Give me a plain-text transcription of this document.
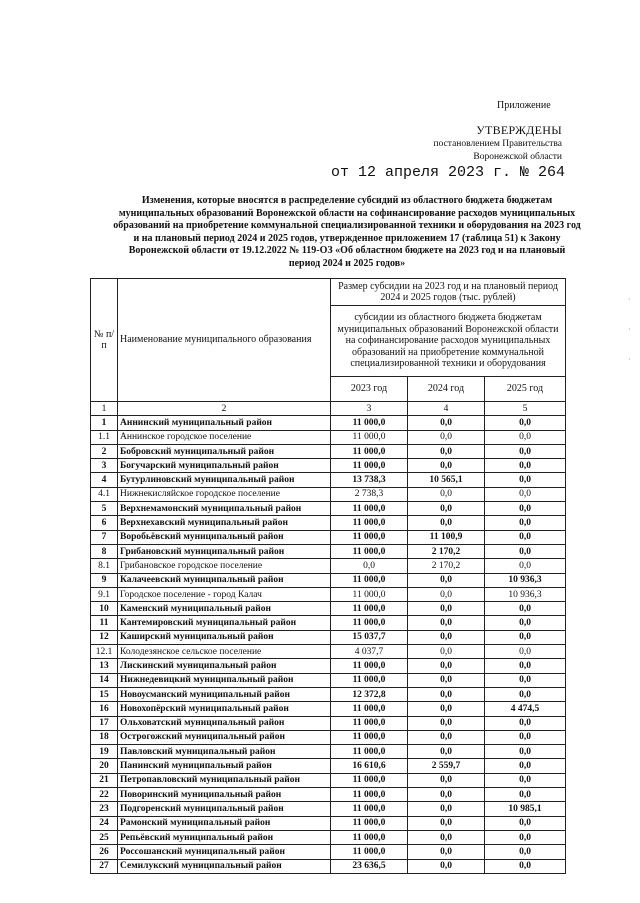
Приложение
УТВЕРЖДЕНЫ
постановлением Правительства
Воронежской области
от 12 апреля 2023 г. № 264
Изменения, которые вносятся в распределение субсидий из областного бюджета бюджетам муниципальных образований Воронежской области на софинансирование расходов муниципальных образований на приобретение коммунальной специализированной техники и оборудования на 2023 год и на плановый период 2024 и 2025 годов, утвержденное приложением 17 (таблица 51) к Закону Воронежской области от 19.12.2022 № 119-ОЗ «Об областном бюджете на 2023 год и на плановый период 2024 и 2025 годов»
·
·
·
№ п/п	Наименование муниципального образования	Размер субсидии на 2023 год и на плановый период 2024 и 2025 годов (тыс. рублей)		
		субсидии из областного бюджета бюджетам муниципальных образований Воронежской области на софинансирование расходов муниципальных образований на приобретение коммунальной специализированной техники и оборудования		
		2023 год	2024 год	2025 год
1	2	3	4	5
1	Аннинский муниципальный район	11 000,0	0,0	0,0
1.1	Аннинское городское поселение	11 000,0	0,0	0,0
2	Бобровский муниципальный район	11 000,0	0,0	0,0
3	Богучарский муниципальный район	11 000,0	0,0	0,0
4	Бутурлиновский муниципальный район	13 738,3	10 565,1	0,0
4.1	Нижнекисляйское городское поселение	2 738,3	0,0	0,0
5	Верхнемамонский муниципальный район	11 000,0	0,0	0,0
6	Верхнехавский муниципальный район	11 000,0	0,0	0,0
7	Воробьёвский муниципальный район	11 000,0	11 100,9	0,0
8	Грибановский муниципальный район	11 000,0	2 170,2	0,0
8.1	Грибановское городское поселение	0,0	2 170,2	0,0
9	Калачеевский муниципальный район	11 000,0	0,0	10 936,3
9.1	Городское поселение - город Калач	11 000,0	0,0	10 936,3
10	Каменский муниципальный район	11 000,0	0,0	0,0
11	Кантемировский муниципальный район	11 000,0	0,0	0,0
12	Каширский муниципальный район	15 037,7	0,0	0,0
12.1	Колодезянское сельское поселение	4 037,7	0,0	0,0
13	Лискинский муниципальный район	11 000,0	0,0	0,0
14	Нижнедевицкий муниципальный район	11 000,0	0,0	0,0
15	Новоусманский муниципальный район	12 372,8	0,0	0,0
16	Новохопёрский муниципальный район	11 000,0	0,0	4 474,5
17	Ольховатский муниципальный район	11 000,0	0,0	0,0
18	Острогожский муниципальный район	11 000,0	0,0	0,0
19	Павловский муниципальный район	11 000,0	0,0	0,0
20	Панинский муниципальный район	16 610,6	2 559,7	0,0
21	Петропавловский муниципальный район	11 000,0	0,0	0,0
22	Поворинский муниципальный район	11 000,0	0,0	0,0
23	Подгоренский муниципальный район	11 000,0	0,0	10 985,1
24	Рамонский муниципальный район	11 000,0	0,0	0,0
25	Репьёвский муниципальный район	11 000,0	0,0	0,0
26	Россошанский муниципальный район	11 000,0	0,0	0,0
27	Семилукский муниципальный район	23 636,5	0,0	0,0
